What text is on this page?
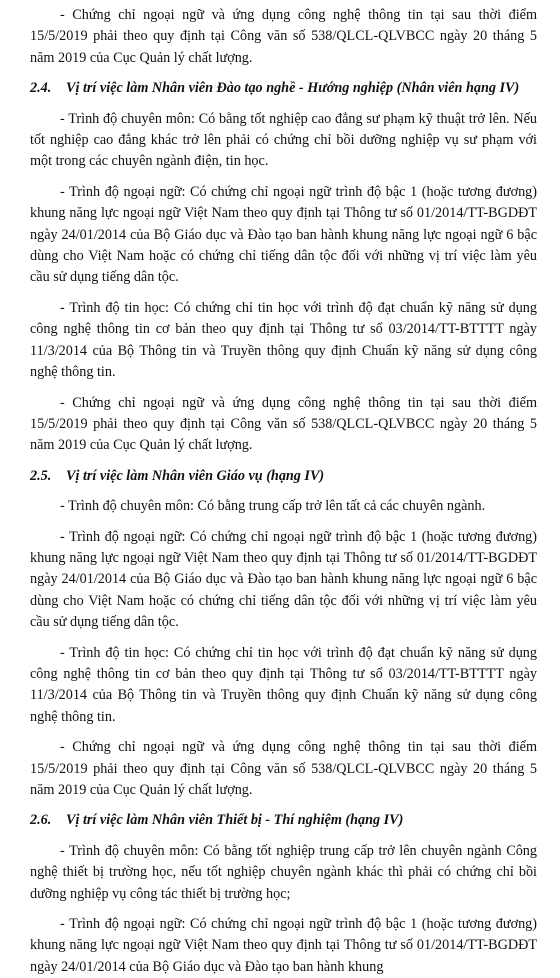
- Chứng chỉ ngoại ngữ và ứng dụng công nghệ thông tin tại sau thời điểm 15/5/2019 phải theo quy định tại Công văn số 538/QLCL-QLVBCC ngày 20 tháng 5 năm 2019 của Cục Quản lý chất lượng.

2.4.	Vị trí việc làm Nhân viên Đào tạo nghề - Hướng nghiệp (Nhân viên hạng IV)

- Trình độ chuyên môn: Có bằng tốt nghiệp cao đẳng sư phạm kỹ thuật trở lên. Nếu tốt nghiệp cao đẳng khác trở lên phải có chứng chỉ bồi dưỡng nghiệp vụ sư phạm với một trong các chuyên ngành điện, tin học.

- Trình độ ngoại ngữ: Có chứng chỉ ngoại ngữ trình độ bậc 1 (hoặc tương đương) khung năng lực ngoại ngữ Việt Nam theo quy định tại Thông tư số 01/2014/TT-BGDĐT ngày 24/01/2014 của Bộ Giáo dục và Đào tạo ban hành khung năng lực ngoại ngữ 6 bậc dùng cho Việt Nam hoặc có chứng chỉ tiếng dân tộc đối với những vị trí việc làm yêu cầu sử dụng tiếng dân tộc.

- Trình độ tin học: Có chứng chỉ tin học với trình độ đạt chuẩn kỹ năng sử dụng công nghệ thông tin cơ bản theo quy định tại Thông tư số 03/2014/TT-BTTTT ngày 11/3/2014 của Bộ Thông tin và Truyền thông quy định Chuẩn kỹ năng sử dụng công nghệ thông tin.

- Chứng chỉ ngoại ngữ và ứng dụng công nghệ thông tin tại sau thời điểm 15/5/2019 phải theo quy định tại Công văn số 538/QLCL-QLVBCC ngày 20 tháng 5 năm 2019 của Cục Quản lý chất lượng.

2.5.	Vị trí việc làm Nhân viên Giáo vụ (hạng IV)

- Trình độ chuyên môn: Có bằng trung cấp trở lên tất cả các chuyên ngành.

- Trình độ ngoại ngữ: Có chứng chỉ ngoại ngữ trình độ bậc 1 (hoặc tương đương) khung năng lực ngoại ngữ Việt Nam theo quy định tại Thông tư số 01/2014/TT-BGDĐT ngày 24/01/2014 của Bộ Giáo dục và Đào tạo ban hành khung năng lực ngoại ngữ 6 bậc dùng cho Việt Nam hoặc có chứng chỉ tiếng dân tộc đối với những vị trí việc làm yêu cầu sử dụng tiếng dân tộc.

- Trình độ tin học: Có chứng chỉ tin học với trình độ đạt chuẩn kỹ năng sử dụng công nghệ thông tin cơ bản theo quy định tại Thông tư số 03/2014/TT-BTTTT ngày 11/3/2014 của Bộ Thông tin và Truyền thông quy định Chuẩn kỹ năng sử dụng công nghệ thông tin.

- Chứng chỉ ngoại ngữ và ứng dụng công nghệ thông tin tại sau thời điểm 15/5/2019 phải theo quy định tại Công văn số 538/QLCL-QLVBCC ngày 20 tháng 5 năm 2019 của Cục Quản lý chất lượng.

2.6.	Vị trí việc làm Nhân viên Thiết bị - Thí nghiệm (hạng IV)

- Trình độ chuyên môn: Có bằng tốt nghiệp trung cấp trở lên chuyên ngành Công nghệ thiết bị trường học, nếu tốt nghiệp chuyên ngành khác thì phải có chứng chỉ bồi dưỡng nghiệp vụ công tác thiết bị trường học;

- Trình độ ngoại ngữ: Có chứng chỉ ngoại ngữ trình độ bậc 1 (hoặc tương đương) khung năng lực ngoại ngữ Việt Nam theo quy định tại Thông tư số 01/2014/TT-BGDĐT ngày 24/01/2014 của Bộ Giáo dục và Đào tạo ban hành khung
